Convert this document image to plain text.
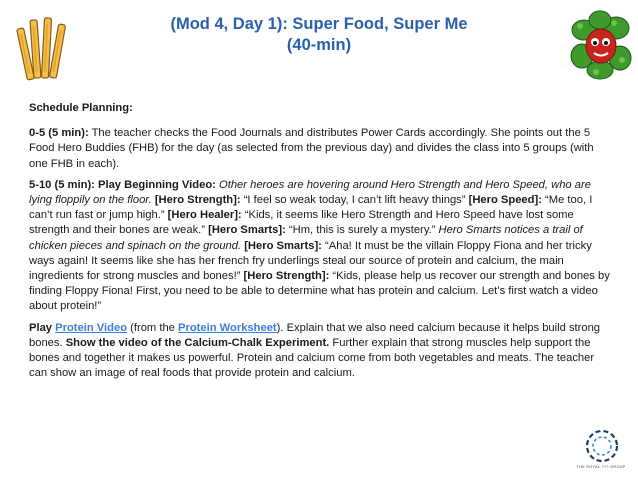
(Mod 4, Day 1): Super Food, Super Me
(40-min)

Schedule Planning:

0-5 (5 min): The teacher checks the Food Journals and distributes Power Cards accordingly. She points out the 5 Food Hero Buddies (FHB) for the day (as selected from the previous day) and divides the class into 5 groups (with one FHB in each).

5-10 (5 min): Play Beginning Video: Other heroes are hovering around Hero Strength and Hero Speed, who are lying floppily on the floor. [Hero Strength]: “I feel so weak today, I can’t lift heavy things” [Hero Speed]: “Me too, I can’t run fast or jump high.” [Hero Healer]: “Kids, it seems like Hero Strength and Hero Speed have lost some strength and their bones are weak.” [Hero Smarts]: “Hm, this is surely a mystery.” Hero Smarts notices a trail of chicken pieces and spinach on the ground. [Hero Smarts]: “Aha! It must be the villain Floppy Fiona and her tricky ways again! It seems like she has her french fry underlings steal our source of protein and calcium, the main ingredients for strong muscles and bones!” [Hero Strength]: “Kids, please help us recover our strength and bones by finding Floppy Fiona! First, you need to be able to determine what has protein and calcium. Let’s first watch a video about protein!”

Play Protein Video (from the Protein Worksheet). Explain that we also need calcium because it helps build strong bones. Show the video of the Calcium-Chalk Experiment. Further explain that strong muscles help support the bones and together it makes us powerful. Protein and calcium come from both vegetables and meats. The teacher can show an image of real foods that provide protein and calcium.

THE ROYAL ??? GROUP
